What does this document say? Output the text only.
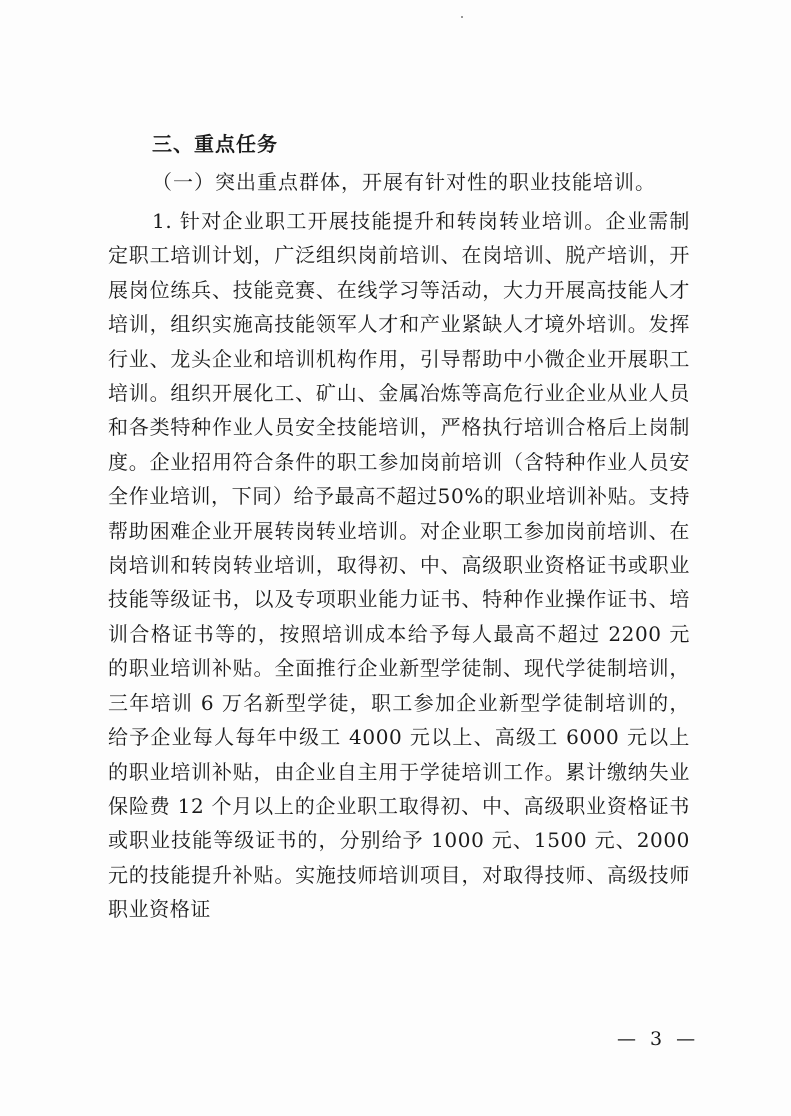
三、重点任务
（一）突出重点群体，开展有针对性的职业技能培训。

1. 针对企业职工开展技能提升和转岗转业培训。企业需制定职工培训计划，广泛组织岗前培训、在岗培训、脱产培训，开展岗位练兵、技能竞赛、在线学习等活动，大力开展高技能人才培训，组织实施高技能领军人才和产业紧缺人才境外培训。发挥行业、龙头企业和培训机构作用，引导帮助中小微企业开展职工培训。组织开展化工、矿山、金属冶炼等高危行业企业从业人员和各类特种作业人员安全技能培训，严格执行培训合格后上岗制度。企业招用符合条件的职工参加岗前培训（含特种作业人员安全作业培训，下同）给予最高不超过50%的职业培训补贴。支持帮助困难企业开展转岗转业培训。对企业职工参加岗前培训、在岗培训和转岗转业培训，取得初、中、高级职业资格证书或职业技能等级证书，以及专项职业能力证书、特种作业操作证书、培训合格证书等的，按照培训成本给予每人最高不超过 2200 元的职业培训补贴。全面推行企业新型学徒制、现代学徒制培训，三年培训 6 万名新型学徒，职工参加企业新型学徒制培训的，给予企业每人每年中级工 4000 元以上、高级工 6000 元以上的职业培训补贴，由企业自主用于学徒培训工作。累计缴纳失业保险费 12 个月以上的企业职工取得初、中、高级职业资格证书或职业技能等级证书的，分别给予 1000 元、1500 元、2000 元的技能提升补贴。实施技师培训项目，对取得技师、高级技师职业资格证

— 3 —
